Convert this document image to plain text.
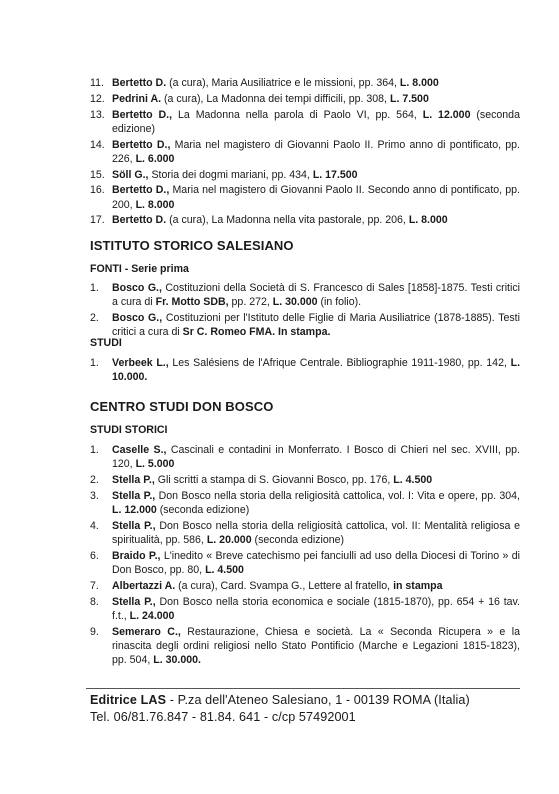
11. Bertetto D. (a cura), Maria Ausiliatrice e le missioni, pp. 364, L. 8.000
12. Pedrini A. (a cura), La Madonna dei tempi difficili, pp. 308, L. 7.500
13. Bertetto D., La Madonna nella parola di Paolo VI, pp. 564, L. 12.000 (seconda edizione)
14. Bertetto D., Maria nel magistero di Giovanni Paolo II. Primo anno di pontificato, pp. 226, L. 6.000
15. Söll G., Storia dei dogmi mariani, pp. 434, L. 17.500
16. Bertetto D., Maria nel magistero di Giovanni Paolo II. Secondo anno di pontificato, pp. 200, L. 8.000
17. Bertetto D. (a cura), La Madonna nella vita pastorale, pp. 206, L. 8.000
ISTITUTO STORICO SALESIANO
FONTI - Serie prima
1.	Bosco G., Costituzioni della Società di S. Francesco di Sales [1858]-1875. Testi critici a cura di Fr. Motto SDB, pp. 272, L. 30.000 (in folio).
2.	Bosco G., Costituzioni per l'Istituto delle Figlie di Maria Ausiliatrice (1878-1885). Testi critici a cura di Sr C. Romeo FMA. In stampa.
STUDI
1.	Verbeek L., Les Salésiens de l'Afrique Centrale. Bibliographie 1911-1980, pp. 142, L. 10.000.
CENTRO STUDI DON BOSCO
STUDI STORICI
1.	Caselle S., Cascinali e contadini in Monferrato. I Bosco di Chieri nel sec. XVIII, pp. 120, L. 5.000
2.	Stella P., Gli scritti a stampa di S. Giovanni Bosco, pp. 176, L. 4.500
3.	Stella P., Don Bosco nella storia della religiosità cattolica, vol. I: Vita e opere, pp. 304, L. 12.000 (seconda edizione)
4.	Stella P., Don Bosco nella storia della religiosità cattolica, vol. II: Mentalità religiosa e spiritualità, pp. 586, L. 20.000 (seconda edizione)
6.	Braido P., L'inedito « Breve catechismo pei fanciulli ad uso della Diocesi di Torino » di Don Bosco, pp. 80, L. 4.500
7.	Albertazzi A. (a cura), Card. Svampa G., Lettere al fratello, in stampa
8.	Stella P., Don Bosco nella storia economica e sociale (1815-1870), pp. 654 + 16 tav. f.t., L. 24.000
9.	Semeraro C., Restaurazione, Chiesa e società. La « Seconda Ricupera » e la rinascita degli ordini religiosi nello Stato Pontificio (Marche e Legazioni 1815-1823), pp. 504, L. 30.000.
Editrice LAS - P.za dell'Ateneo Salesiano, 1 - 00139 ROMA (Italia)
Tel. 06/81.76.847 - 81.84. 641 - c/cp 57492001
